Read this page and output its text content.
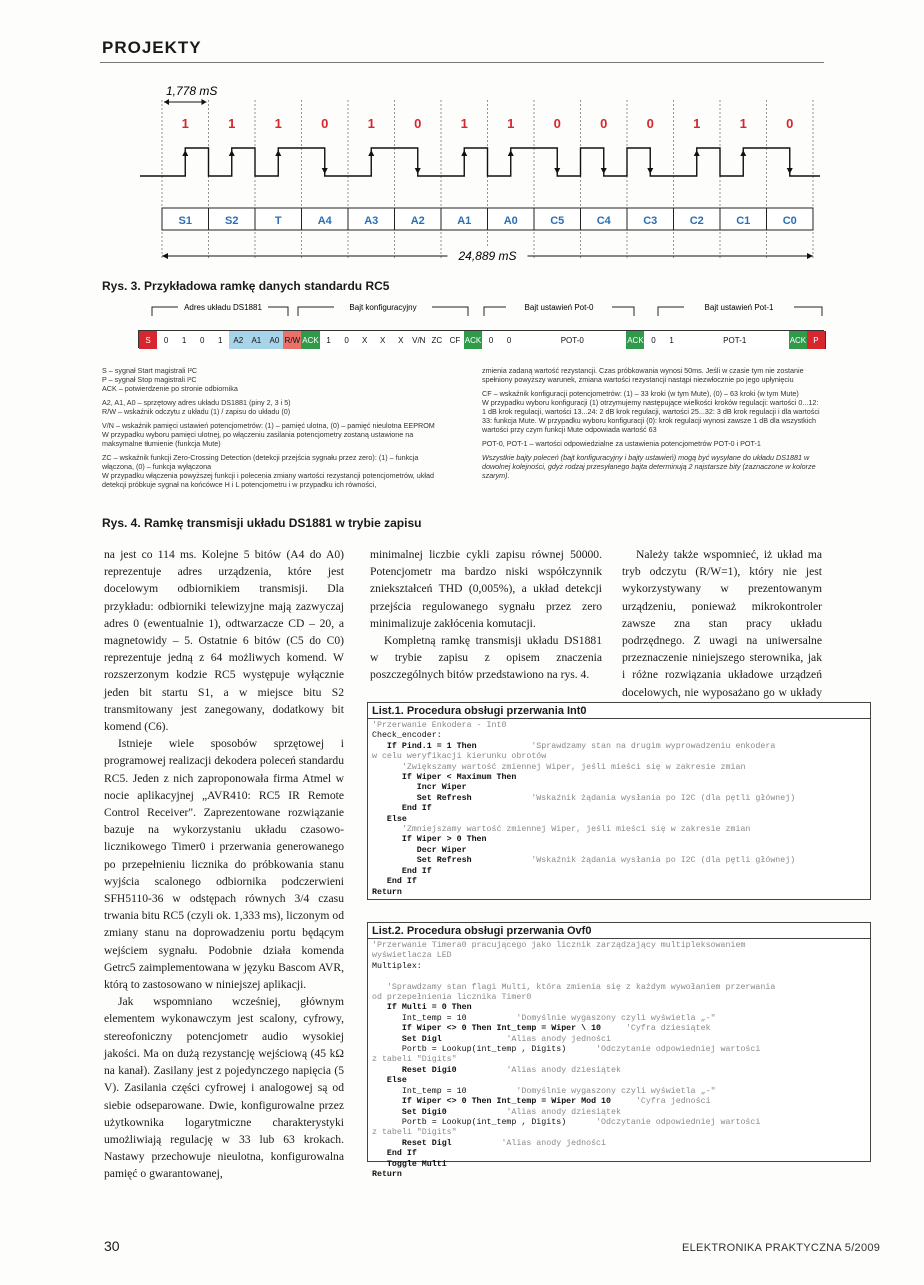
PROJEKTY
1	1	1	0	1	0	1	1	0	0	0	1	1	0
S1	S2	T	A4	A3	A2	A1	A0	C5	C4	C3	C2	C1	C0
1,778 mS
24,889 mS
Rys. 3. Przykładowa ramkę danych standardu RC5
Adres układu DS1881	Bajt konfiguracyjny	Bajt ustawień Pot-0	Bajt ustawień Pot-1
S	0	1	0	1	A2	A1	A0 R/W ACK 1	0	X	X	X	V/N ZC CF ACK 0	0	POT-0	ACK 0	1	POT-1	ACK P

S – sygnał Start magistrali I²C
P – sygnał Stop magistrali I²C
ACK – potwierdzenie po stronie odbiornika

A2, A1, A0 – sprzętowy adres układu DS1881 (piny 2, 3 i 5)
R/W – wskaźnik odczytu z układu (1) / zapisu do układu (0)

V/N – wskaźnik pamięci ustawień potencjometrów: (1) – pamięć ulotna, (0) – pamięć nieulotna EEPROM
W przypadku wyboru pamięci ulotnej, po włączeniu zasilania potencjometry zostaną ustawione na maksymalne tłumienie (funkcja Mute)

ZC – wskaźnik funkcji Zero-Crossing Detection (detekcji przejścia sygnału przez zero): (1) – funkcja włączona, (0) – funkcja wyłączona
W przypadku włączenia powyższej funkcji i polecenia zmiany wartości rezystancji potencjometrów, układ detekcji próbkuje sygnał na końcówce H i L potencjometru i w przypadku ich równości,

zmienia zadaną wartość rezystancji. Czas próbkowania wynosi 50ms. Jeśli w czasie tym nie zostanie spełniony powyższy warunek, zmiana wartości rezystancji nastąpi niezwłocznie po jego upłynięciu

CF – wskaźnik konfiguracji potencjometrów: (1) – 33 kroki (w tym Mute), (0) – 63 kroki (w tym Mute)
W przypadku wyboru konfiguracji (1) otrzymujemy następujące wielkości kroków regulacji: wartości 0...12: 1 dB krok regulacji, wartości 13...24: 2 dB krok regulacji, wartości 25...32: 3 dB krok regulacji i dla wartości 33: funkcja Mute. W przypadku wyboru konfiguracji (0): krok regulacji wynosi zawsze 1 dB dla wszystkich wartości przy czym funkcji Mute odpowiada wartość 63

POT-0, POT-1 – wartości odpowiedzialne za ustawienia potencjometrów POT-0 i POT-1

Wszystkie bajty poleceń (bajt konfiguracyjny i bajty ustawień) mogą być wysyłane do układu DS1881 w dowolnej kolejności, gdyż rodzaj przesyłanego bajta determinują 2 najstarsze bity (zaznaczone w kolorze szarym).

Rys. 4. Ramkę transmisji układu DS1881 w trybie zapisu

na jest co 114 ms. Kolejne 5 bitów (A4 do A0) reprezentuje adres urządzenia, które jest docelowym odbiornikiem transmisji. Dla przykładu: odbiorniki telewizyjne mają zazwyczaj adres 0 (ewentualnie 1), odtwarzacze CD – 20, a magnetowidy – 5. Ostatnie 6 bitów (C5 do C0) reprezentuje jedną z 64 możliwych komend. W rozszerzonym kodzie RC5 występuje wyłącznie jeden bit startu S1, a w miejsce bitu S2 transmitowany jest zanegowany, dodatkowy bit komend (C6).

Istnieje wiele sposobów sprzętowej i programowej realizacji dekodera poleceń standardu RC5. Jeden z nich zaproponowała firma Atmel w nocie aplikacyjnej „AVR410: RC5 IR Remote Control Receiver". Zaprezentowane rozwiązanie bazuje na wykorzystaniu układu czasowo-licznikowego Timer0 i przerwania generowanego po przepełnieniu licznika do próbkowania stanu wyjścia scalonego odbiornika podczerwieni SFH5110-36 w odstępach równych 3/4 czasu trwania bitu RC5 (czyli ok. 1,333 ms), liczonym od zmiany stanu na doprowadzeniu portu będącym wejściem sygnału. Podobnie działa komenda Getrc5 zaimplementowana w języku Bascom AVR, którą to zastosowano w niniejszej aplikacji.

Jak wspomniano wcześniej, głównym elementem wykonawczym jest scalony, cyfrowy, stereofoniczny potencjometr audio wysokiej jakości. Ma on dużą rezystancję wejściową (45 kΩ na kanał). Zasilany jest z pojedynczego napięcia (5 V). Zasilania części cyfrowej i analogowej są od siebie odseparowane. Dwie, konfigurowalne przez użytkownika logarytmiczne charakterystyki umożliwiają regulację w 33 lub 63 krokach. Nastawy przechowuje nieulotna, konfigurowalna pamięć o gwarantowanej,

minimalnej liczbie cykli zapisu równej 50000. Potencjometr ma bardzo niski współczynnik zniekształceń THD (0,005%), a układ detekcji przejścia regulowanego sygnału przez zero minimalizuje zakłócenia komutacji.

Kompletną ramkę transmisji układu DS1881 w trybie zapisu z opisem znaczenia poszczególnych bitów przedstawiono na rys. 4.

Należy także wspomnieć, iż układ ma tryb odczytu (R/W=1), który nie jest wykorzystywany w prezentowanym urządzeniu, ponieważ mikrokontroler zawsze zna stan pracy układu podrzędnego. Z uwagi na uniwersalne przeznaczenie niniejszego sterownika, jak i różne rozwiązania układowe urządzeń docelowych, nie wyposażano go w układy

List.1. Procedura obsługi przerwania Int0
'Przerwanie Enkodera - Int0
Check_encoder:
If Pind.1 = 1 Then           'Sprawdzamy stan na drugim wyprowadzeniu enkodera
w celu weryfikacji kierunku obrotów
'Zwiększamy wartość zmiennej Wiper, jeśli mieści się w zakresie zmian
If Wiper < Maximum Then
Incr Wiper
Set Refresh            'Wskaźnik żądania wysłania po I2C (dla pętli głównej)
End If
Else
'Zmniejszamy wartość zmiennej Wiper, jeśli mieści się w zakresie zmian
If Wiper > 0 Then
Decr Wiper
Set Refresh            'Wskaźnik żądania wysłania po I2C (dla pętli głównej)
End If
End If
Return
List.2. Procedura obsługi przerwania Ovf0
'Przerwanie Timera0 pracującego jako licznik zarządzający multipleksowaniem
wyświetlacza LED
Multiplex:

'Sprawdzamy stan flagi Multi, która zmienia się z każdym wywołaniem przerwania
od przepełnienia licznika Timer0
If Multi = 0 Then
Int_temp = 10          'Domyślnie wygaszony czyli wyświetla „-"
If Wiper <> 0 Then Int_temp = Wiper \ 10     'Cyfra dziesiątek
Set Digl             'Alias anody jedności
Portb = Lookup(int_temp , Digits)      'Odczytanie odpowiedniej wartości
z tabeli "Digits"
Reset Digi0          'Alias anody dziesiątek
Else
Int_temp = 10          'Domyślnie wygaszony czyli wyświetla „-"
If Wiper <> 0 Then Int_temp = Wiper Mod 10     'Cyfra jedności
Set Digi0            'Alias anody dziesiątek
Portb = Lookup(int_temp , Digits)      'Odczytanie odpowiedniej wartości
z tabeli "Digits"
Reset Digl          'Alias anody jedności
End If
Toggle Multi
Return
30	ELEKTRONIKA PRAKTYCZNA 5/2009
